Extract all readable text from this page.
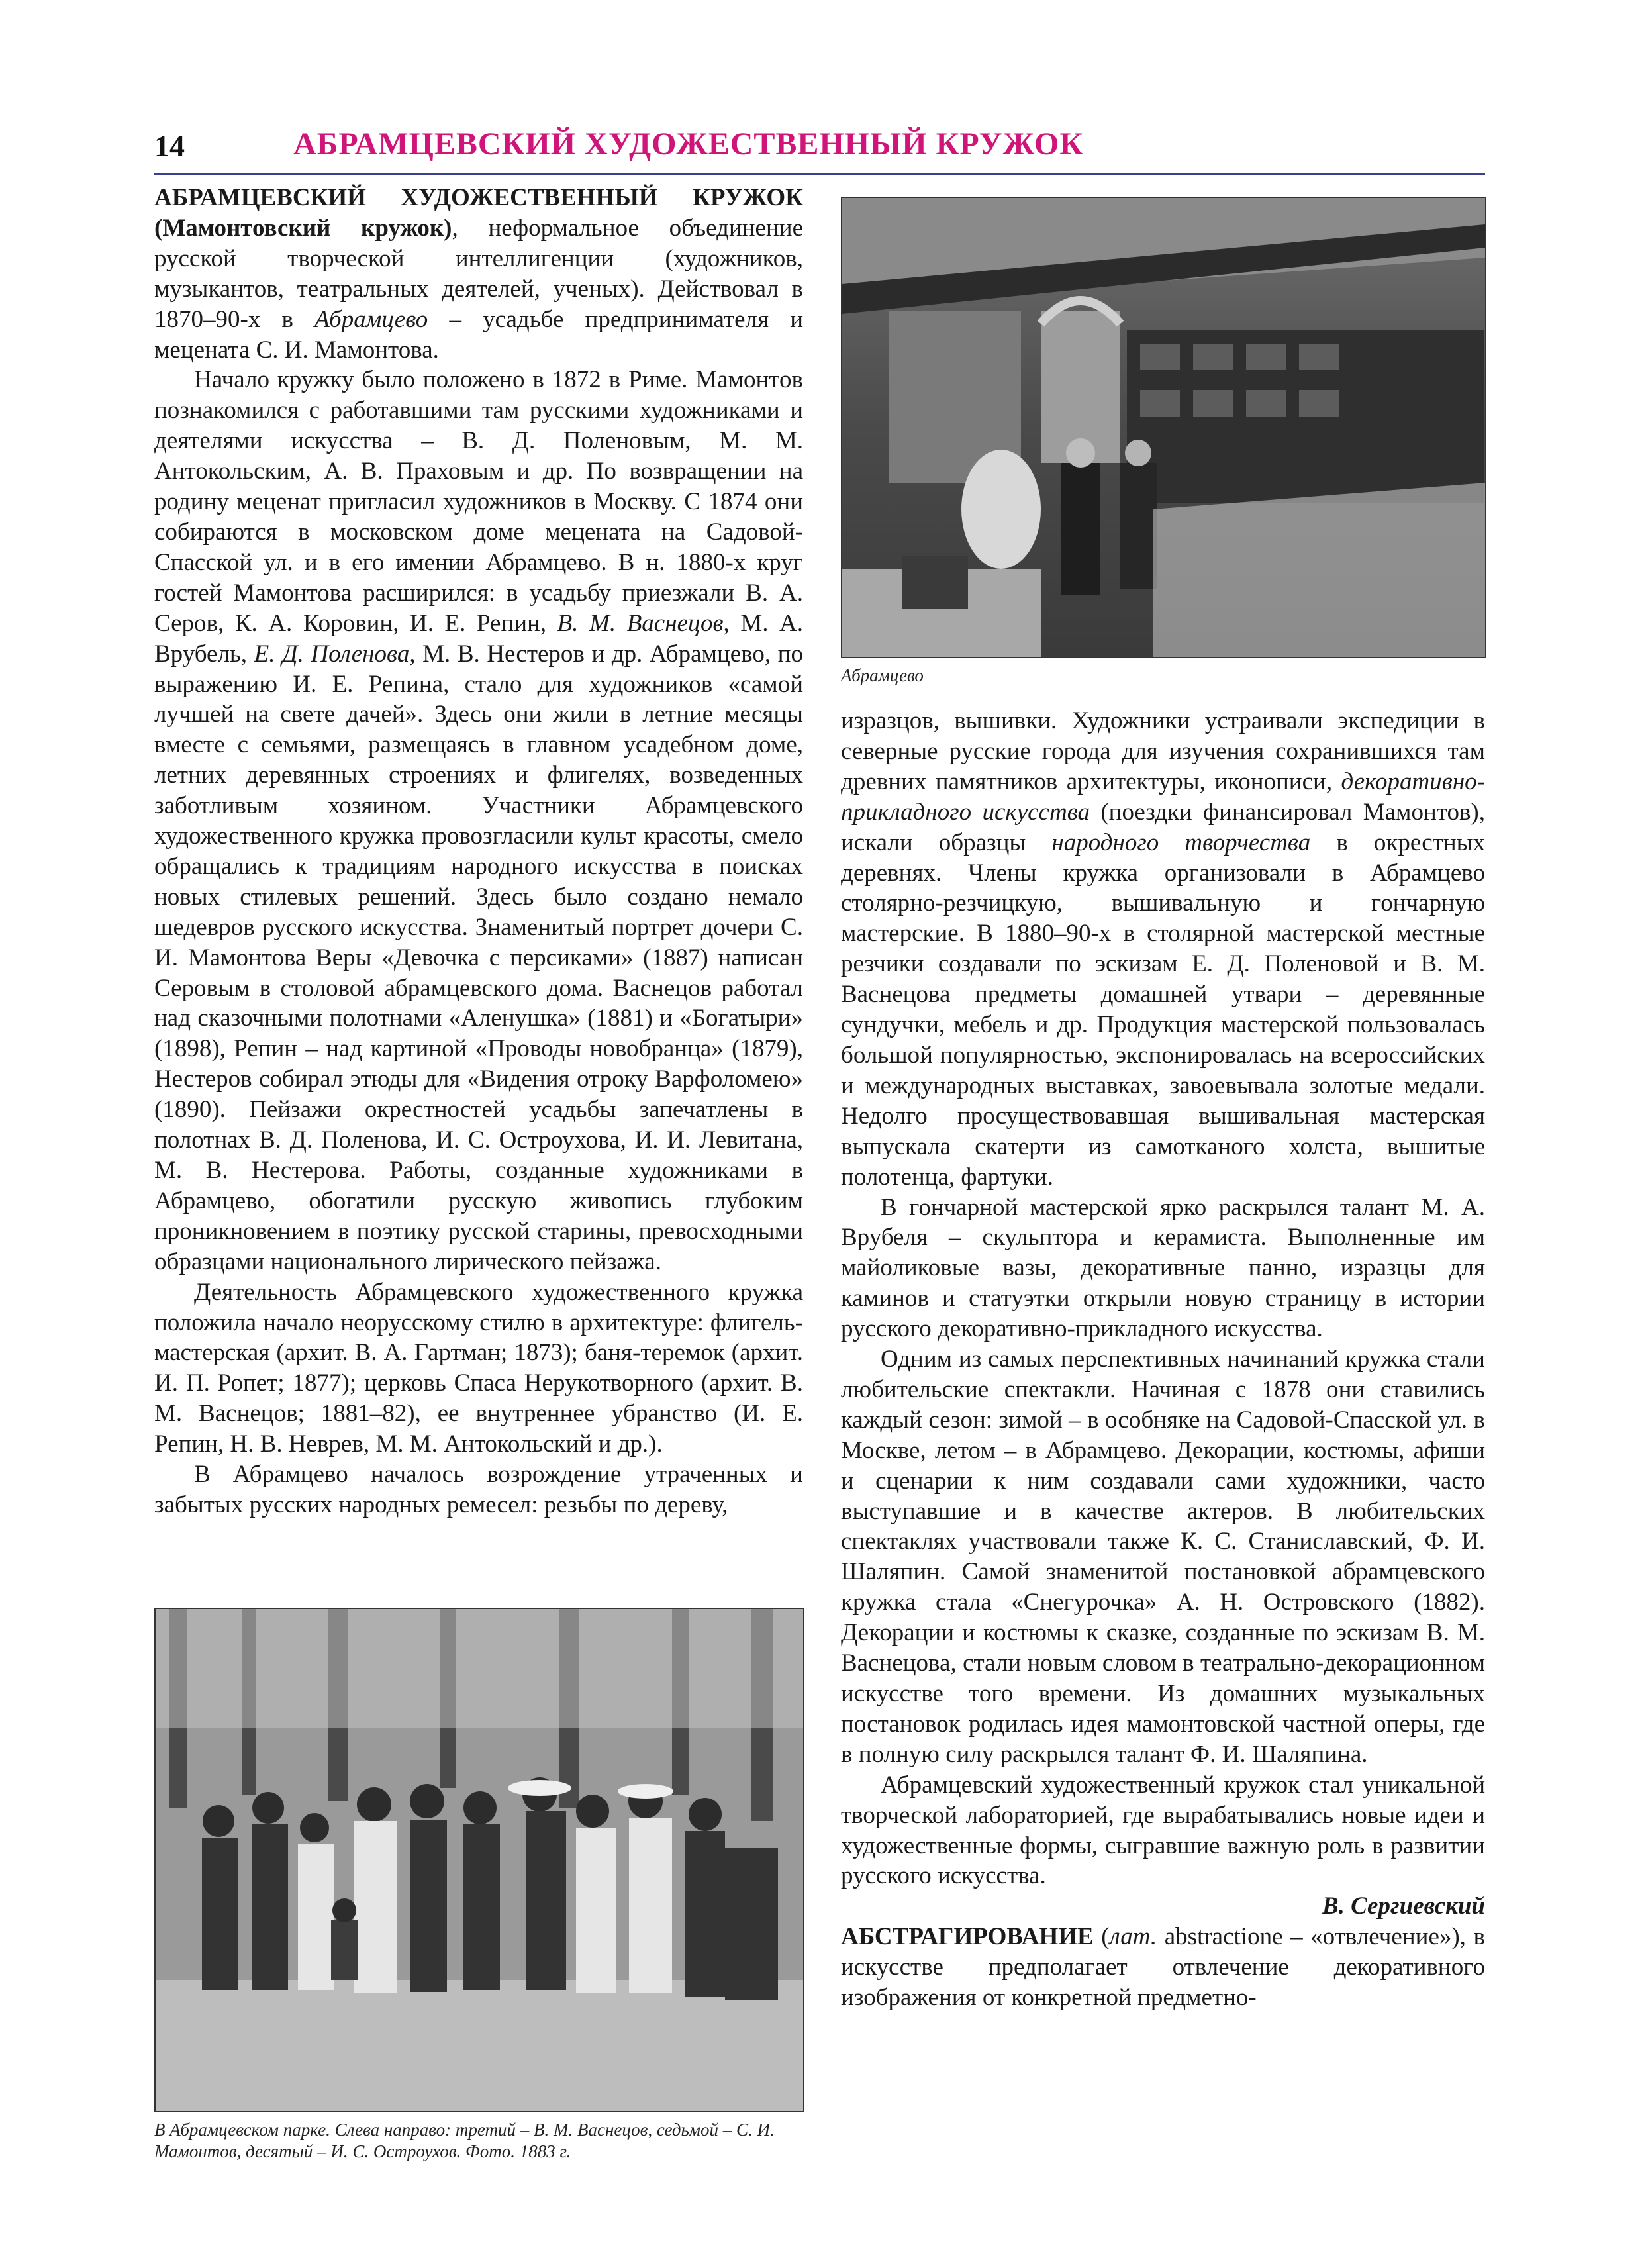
14	АБРАМЦЕВСКИЙ ХУДОЖЕСТВЕННЫЙ КРУЖОК

АБРАМЦЕВСКИЙ ХУДОЖЕСТВЕННЫЙ КРУЖОК (Мамонтовский кружок), неформальное объединение русской творческой интеллигенции (художников, музыкантов, театральных деятелей, ученых). Действовал в 1870–90-х в Абрамцево – усадьбе предпринимателя и мецената С. И. Мамонтова.

Начало кружку было положено в 1872 в Риме. Мамонтов познакомился с работавшими там русскими художниками и деятелями искусства – В. Д. Поленовым, М. М. Антокольским, А. В. Праховым и др. По возвращении на родину меценат пригласил художников в Москву. С 1874 они собираются в московском доме мецената на Садовой-Спасской ул. и в его имении Абрамцево. В н. 1880-х круг гостей Мамонтова расширился: в усадьбу приезжали В. А. Серов, К. А. Коровин, И. Е. Репин, В. М. Васнецов, М. А. Врубель, Е. Д. Поленова, М. В. Нестеров и др. Абрамцево, по выражению И. Е. Репина, стало для художников «самой лучшей на свете дачей». Здесь они жили в летние месяцы вместе с семьями, размещаясь в главном усадебном доме, летних деревянных строениях и флигелях, возведенных заботливым хозяином. Участники Абрамцевского художественного кружка провозгласили культ красоты, смело обращались к традициям народного искусства в поисках новых стилевых решений. Здесь было создано немало шедевров русского искусства. Знаменитый портрет дочери С. И. Мамонтова Веры «Девочка с персиками» (1887) написан Серовым в столовой абрамцевского дома. Васнецов работал над сказочными полотнами «Аленушка» (1881) и «Богатыри» (1898), Репин – над картиной «Проводы новобранца» (1879), Нестеров собирал этюды для «Видения отроку Варфоломею» (1890). Пейзажи окрестностей усадьбы запечатлены в полотнах В. Д. Поленова, И. С. Остроухова, И. И. Левитана, М. В. Нестерова. Работы, созданные художниками в Абрамцево, обогатили русскую живопись глубоким проникновением в поэтику русской старины, превосходными образцами национального лирического пейзажа.

Деятельность Абрамцевского художественного кружка положила начало неорусскому стилю в архитектуре: флигель-мастерская (архит. В. А. Гартман; 1873); баня-теремок (архит. И. П. Ропет; 1877); церковь Спаса Нерукотворного (архит. В. М. Васнецов; 1881–82), ее внутреннее убранство (И. Е. Репин, Н. В. Неврев, М. М. Антокольский и др.).

В Абрамцево началось возрождение утраченных и забытых русских народных ремесел: резьбы по дереву,

Абрамцево
В Абрамцевском парке. Слева направо: третий – В. М. Васнецов, седьмой – С. И. Мамонтов, десятый – И. С. Остроухов. Фото. 1883 г.

изразцов, вышивки. Художники устраивали экспедиции в северные русские города для изучения сохранившихся там древних памятников архитектуры, иконописи, декоративно-прикладного искусства (поездки финансировал Мамонтов), искали образцы народного творчества в окрестных деревнях. Члены кружка организовали в Абрамцево столярно-резчицкую, вышивальную и гончарную мастерские. В 1880–90-х в столярной мастерской местные резчики создавали по эскизам Е. Д. Поленовой и В. М. Васнецова предметы домашней утвари – деревянные сундучки, мебель и др. Продукция мастерской пользовалась большой популярностью, экспонировалась на всероссийских и международных выставках, завоевывала золотые медали. Недолго просуществовавшая вышивальная мастерская выпускала скатерти из самотканого холста, вышитые полотенца, фартуки.

В гончарной мастерской ярко раскрылся талант М. А. Врубеля – скульптора и керамиста. Выполненные им майоликовые вазы, декоративные панно, изразцы для каминов и статуэтки открыли новую страницу в истории русского декоративно-прикладного искусства.

Одним из самых перспективных начинаний кружка стали любительские спектакли. Начиная с 1878 они ставились каждый сезон: зимой – в особняке на Садовой-Спасской ул. в Москве, летом – в Абрамцево. Декорации, костюмы, афиши и сценарии к ним создавали сами художники, часто выступавшие и в качестве актеров. В любительских спектаклях участвовали также К. С. Станиславский, Ф. И. Шаляпин. Самой знаменитой постановкой абрамцевского кружка стала «Снегурочка» А. Н. Островского (1882). Декорации и костюмы к сказке, созданные по эскизам В. М. Васнецова, стали новым словом в театрально-декорационном искусстве того времени. Из домашних музыкальных постановок родилась идея мамонтовской частной оперы, где в полную силу раскрылся талант Ф. И. Шаляпина.

Абрамцевский художественный кружок стал уникальной творческой лабораторией, где вырабатывались новые идеи и художественные формы, сыгравшие важную роль в развитии русского искусства.

В. Сергиевский

АБСТРАГИРОВАНИЕ (лат. abstractione – «отвлечение»), в искусстве предполагает отвлечение декоративного изображения от конкретной предметно-
